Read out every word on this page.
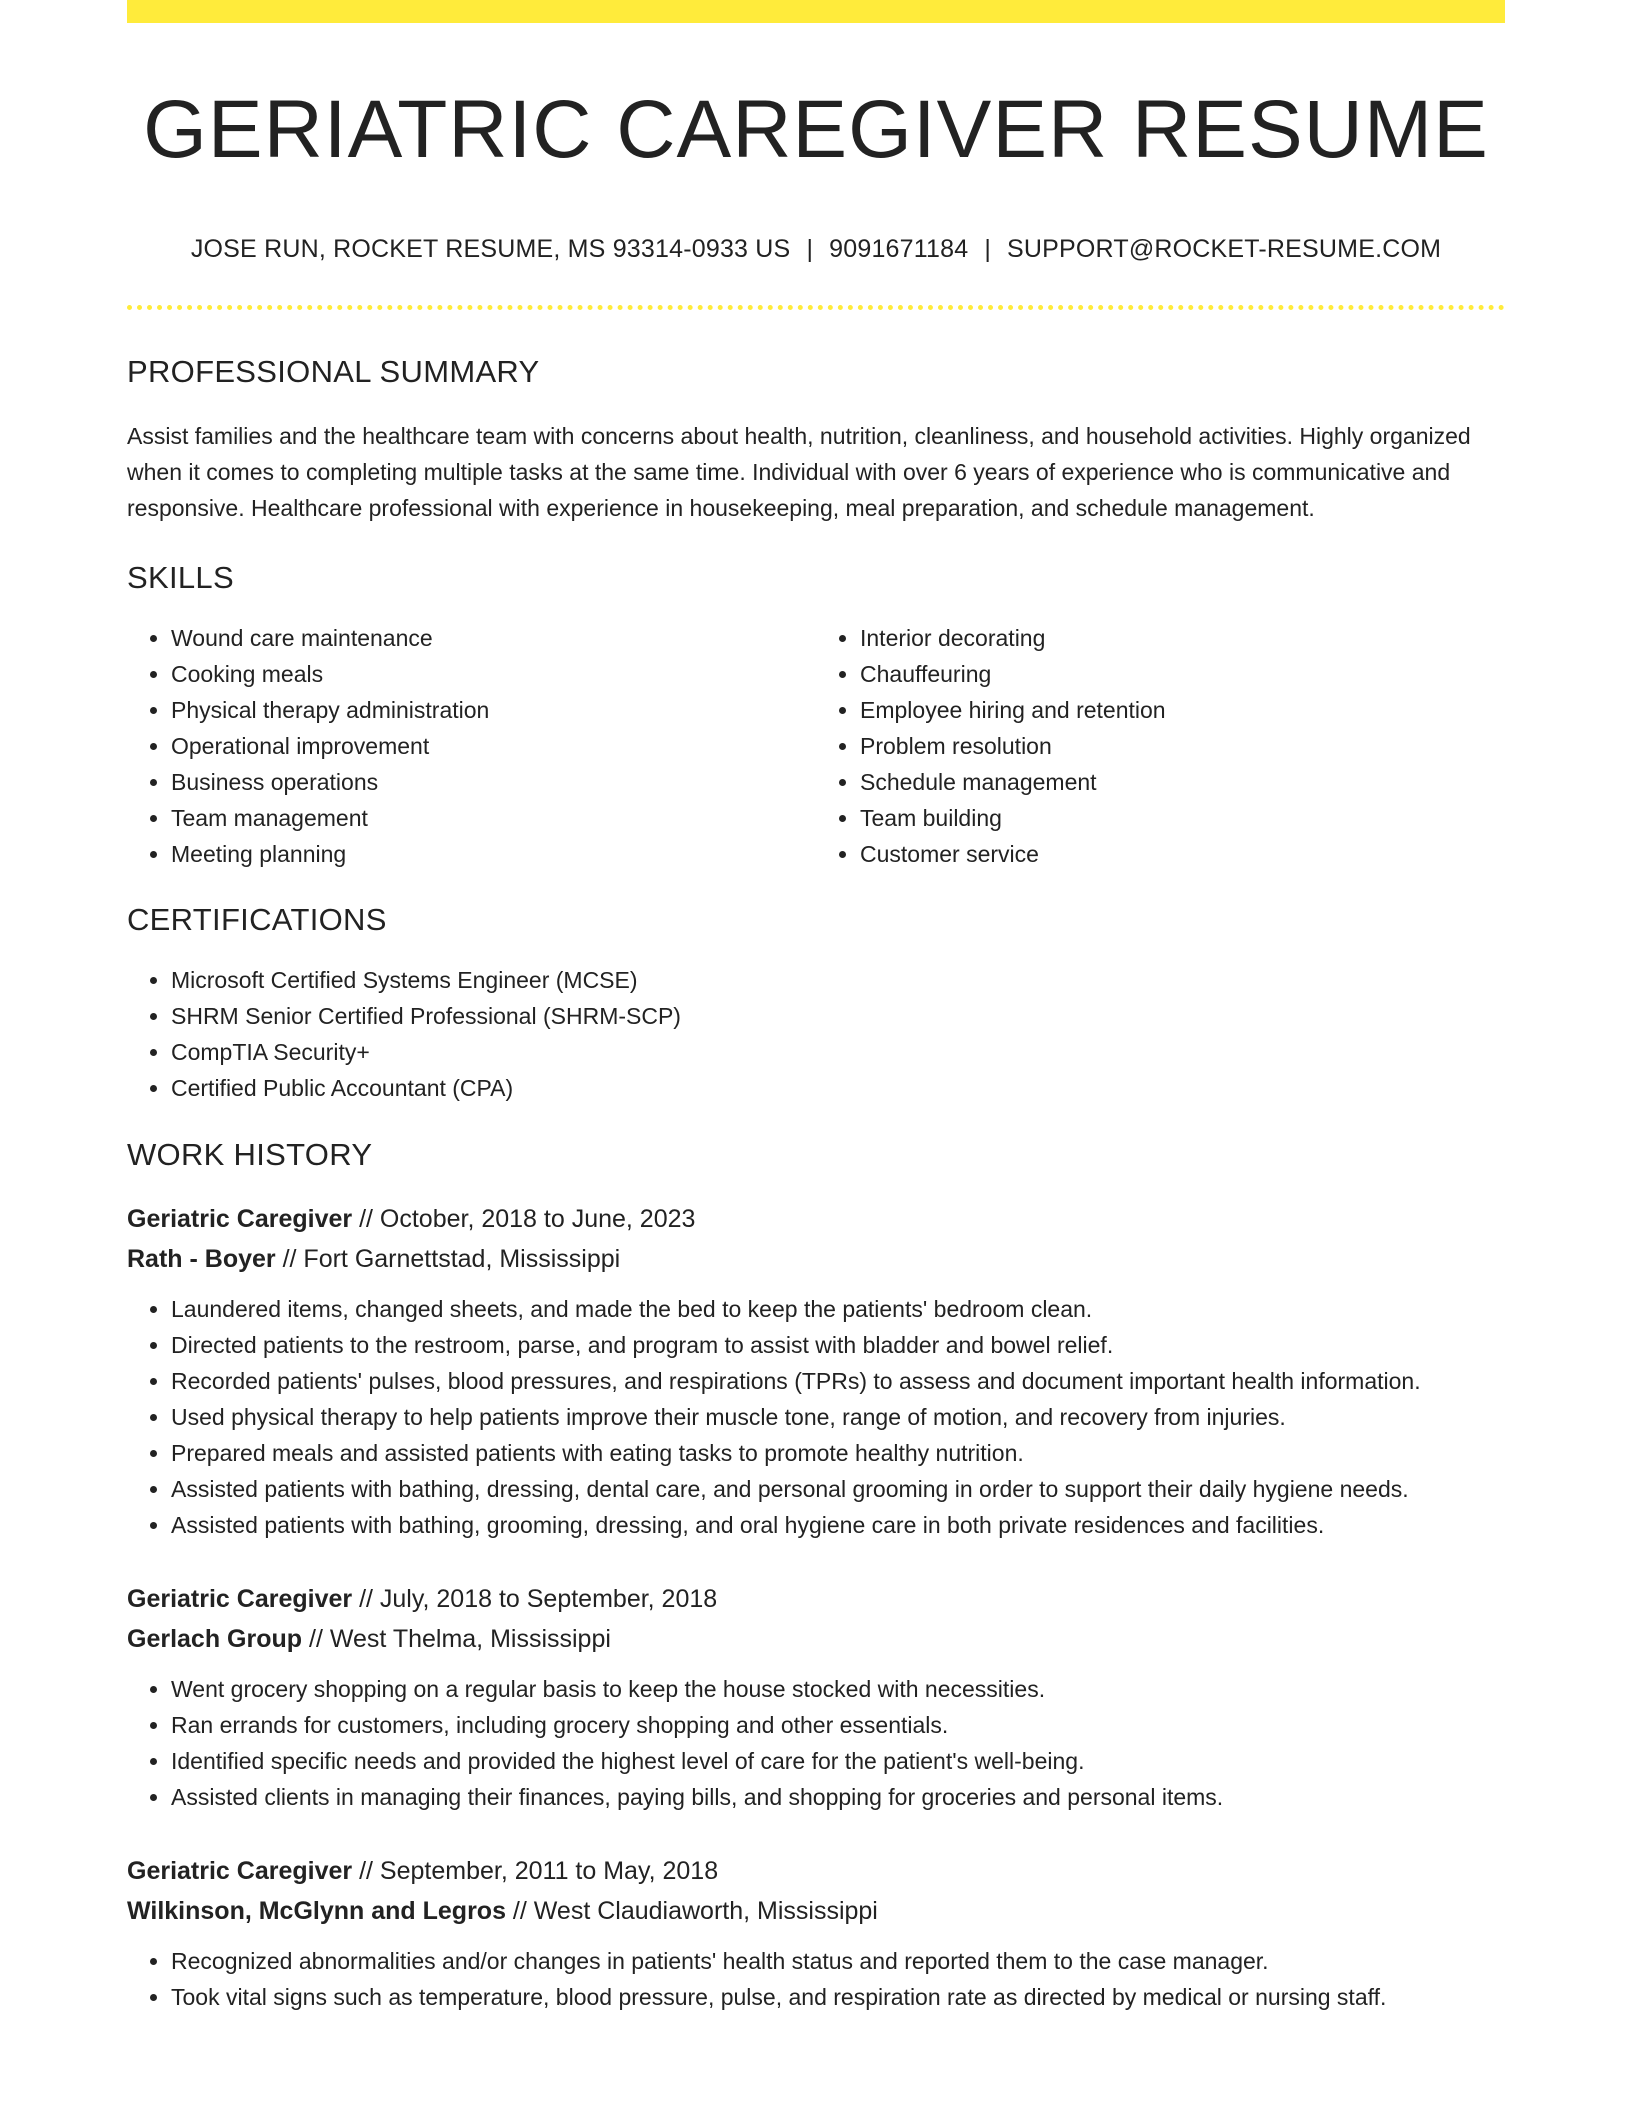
GERIATRIC CAREGIVER RESUME
JOSE RUN, ROCKET RESUME, MS 93314-0933 US | 9091671184 | SUPPORT@ROCKET-RESUME.COM
PROFESSIONAL SUMMARY

Assist families and the healthcare team with concerns about health, nutrition, cleanliness, and household activities. Highly organized when it comes to completing multiple tasks at the same time. Individual with over 6 years of experience who is communicative and responsive. Healthcare professional with experience in housekeeping, meal preparation, and schedule management.

SKILLS
• Wound care maintenance
• Cooking meals
• Physical therapy administration
• Operational improvement
• Business operations
• Team management
• Meeting planning
• Interior decorating
• Chauffeuring
• Employee hiring and retention
• Problem resolution
• Schedule management
• Team building
• Customer service
CERTIFICATIONS
• Microsoft Certified Systems Engineer (MCSE)
• SHRM Senior Certified Professional (SHRM-SCP)
• CompTIA Security+
• Certified Public Accountant (CPA)
WORK HISTORY
Geriatric Caregiver // October, 2018 to June, 2023
Rath - Boyer // Fort Garnettstad, Mississippi
• Laundered items, changed sheets, and made the bed to keep the patients' bedroom clean.
• Directed patients to the restroom, parse, and program to assist with bladder and bowel relief.
• Recorded patients' pulses, blood pressures, and respirations (TPRs) to assess and document important health information.
• Used physical therapy to help patients improve their muscle tone, range of motion, and recovery from injuries.
• Prepared meals and assisted patients with eating tasks to promote healthy nutrition.
• Assisted patients with bathing, dressing, dental care, and personal grooming in order to support their daily hygiene needs.
• Assisted patients with bathing, grooming, dressing, and oral hygiene care in both private residences and facilities.
Geriatric Caregiver // July, 2018 to September, 2018
Gerlach Group // West Thelma, Mississippi
• Went grocery shopping on a regular basis to keep the house stocked with necessities.
• Ran errands for customers, including grocery shopping and other essentials.
• Identified specific needs and provided the highest level of care for the patient's well-being.
• Assisted clients in managing their finances, paying bills, and shopping for groceries and personal items.
Geriatric Caregiver // September, 2011 to May, 2018
Wilkinson, McGlynn and Legros // West Claudiaworth, Mississippi
• Recognized abnormalities and/or changes in patients' health status and reported them to the case manager.
• Took vital signs such as temperature, blood pressure, pulse, and respiration rate as directed by medical or nursing staff.
